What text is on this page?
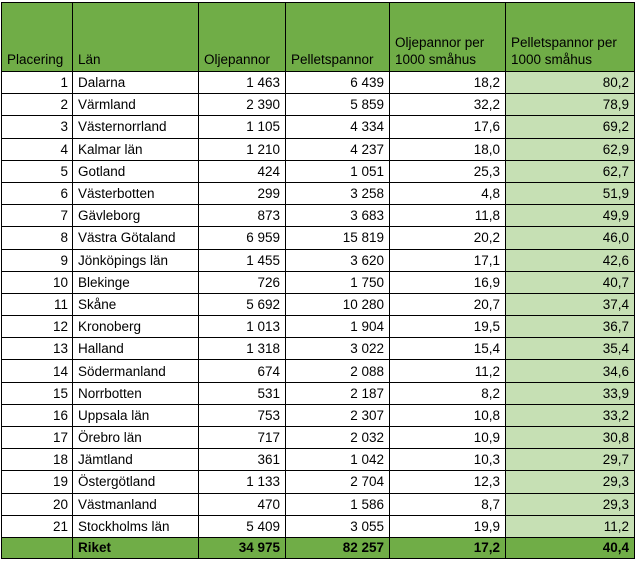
Placering	Län	Oljepannor	Pelletspannor	Oljepannor per 1000 småhus	Pelletspannor per 1000 småhus
1	Dalarna	1 463	6 439	18,2	80,2
2	Värmland	2 390	5 859	32,2	78,9
3	Västernorrland	1 105	4 334	17,6	69,2
4	Kalmar län	1 210	4 237	18,0	62,9
5	Gotland	424	1 051	25,3	62,7
6	Västerbotten	299	3 258	4,8	51,9
7	Gävleborg	873	3 683	11,8	49,9
8	Västra Götaland	6 959	15 819	20,2	46,0
9	Jönköpings län	1 455	3 620	17,1	42,6
10	Blekinge	726	1 750	16,9	40,7
11	Skåne	5 692	10 280	20,7	37,4
12	Kronoberg	1 013	1 904	19,5	36,7
13	Halland	1 318	3 022	15,4	35,4
14	Södermanland	674	2 088	11,2	34,6
15	Norrbotten	531	2 187	8,2	33,9
16	Uppsala län	753	2 307	10,8	33,2
17	Örebro län	717	2 032	10,9	30,8
18	Jämtland	361	1 042	10,3	29,7
19	Östergötland	1 133	2 704	12,3	29,3
20	Västmanland	470	1 586	8,7	29,3
21	Stockholms län	5 409	3 055	19,9	11,2
	Riket	34 975	82 257	17,2	40,4
